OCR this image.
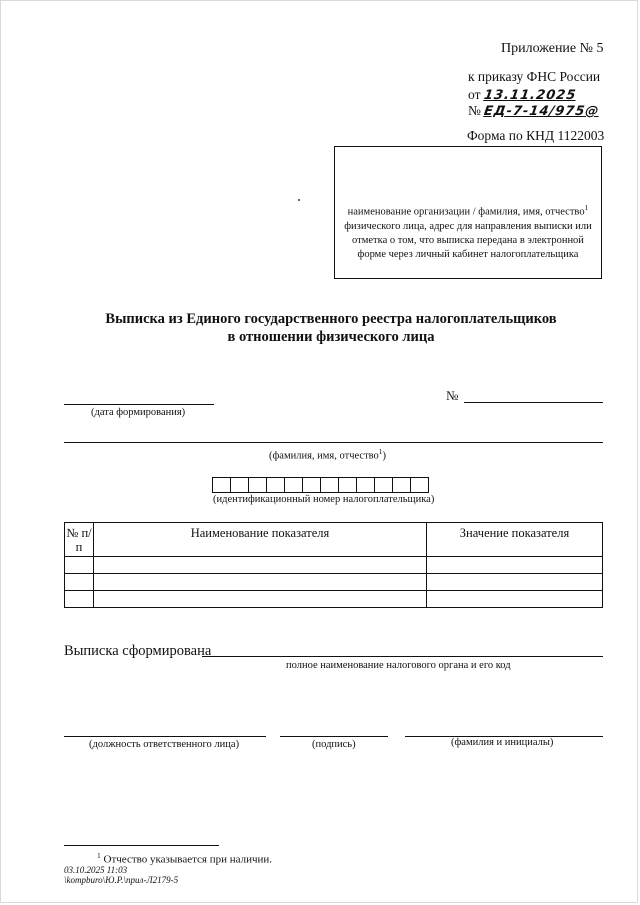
Приложение № 5
к приказу ФНС России
от 13.11.2025
№ ЕД-7-14/975@
Форма по КНД 1122003
наименование организации / фамилия, имя, отчество$^1$ физического лица, адрес для направления выписки или отметка о том, что выписка передана в электронной форме через личный кабинет налогоплательщика
Выписка из Единого государственного реестра налогоплательщиков
в отношении физического лица
(дата формирования)
№
(фамилия, имя, отчество$^1$)
(идентификационный номер налогоплательщика)
№ п/п	Наименование показателя	Значение показателя

Выписка сформирована
полное наименование налогового органа и его код
(должность ответственного лица)	(подпись)	(фамилия и инициалы)
$^1$ Отчество указывается при наличии.
03.10.2025 11:03
\kompburo\Ю.Р.\прил-Л2179-5
